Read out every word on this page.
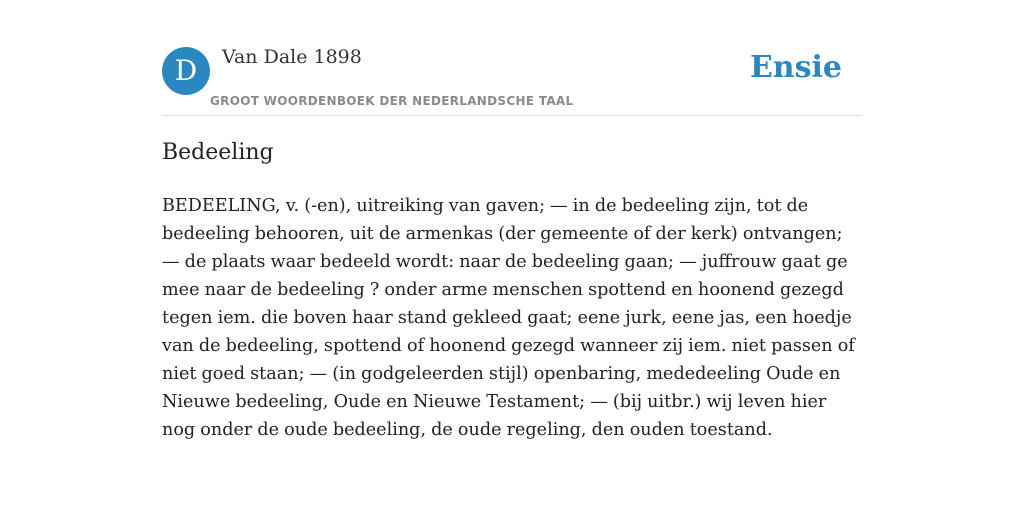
D	Van Dale 1898
GROOT WOORDENBOEK DER NEDERLANDSCHE TAAL
Ensie
Bedeeling

BEDEELING, v. (-en), uitreiking van gaven; — in de bedeeling zijn, tot de bedeeling behooren, uit de armenkas (der gemeente of der kerk) ontvangen; — de plaats waar bedeeld wordt: naar de bedeeling gaan; — juffrouw gaat ge mee naar de bedeeling ? onder arme menschen spottend en hoonend gezegd tegen iem. die boven haar stand gekleed gaat; eene jurk, eene jas, een hoedje van de bedeeling, spottend of hoonend gezegd wanneer zij iem. niet passen of niet goed staan; — (in godgeleerden stijl) openbaring, mededeeling Oude en Nieuwe bedeeling, Oude en Nieuwe Testament; — (bij uitbr.) wij leven hier nog onder de oude bedeeling, de oude regeling, den ouden toestand.
